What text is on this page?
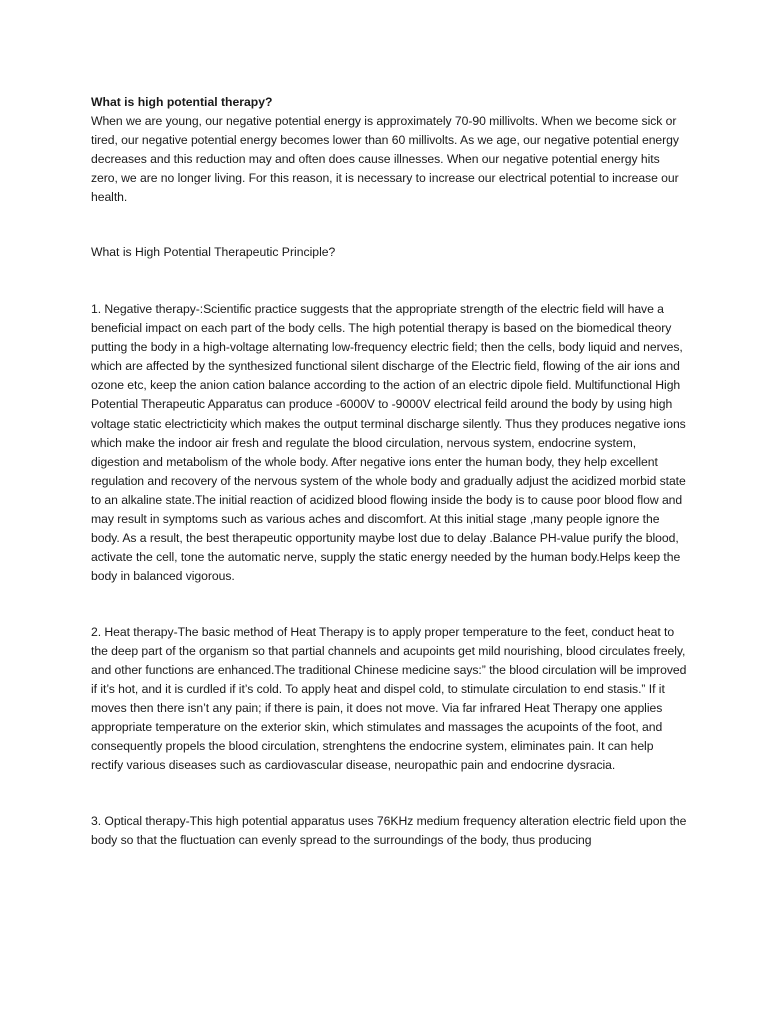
What is high potential therapy?

When we are young, our negative potential energy is approximately 70-90 millivolts. When we become sick or tired, our negative potential energy becomes lower than 60 millivolts. As we age, our negative potential energy decreases and this reduction may and often does cause illnesses. When our negative potential energy hits zero, we are no longer living. For this reason, it is necessary to increase our electrical potential to increase our health.

What is High Potential Therapeutic Principle?

1. Negative therapy-:Scientific practice suggests that the appropriate strength of the electric field will have a beneficial impact on each part of the body cells. The high potential therapy is based on the biomedical theory putting the body in a high-voltage alternating low-frequency electric field; then the cells, body liquid and nerves, which are affected by the synthesized functional silent discharge of the Electric field, flowing of the air ions and ozone etc, keep the anion cation balance according to the action of an electric dipole field. Multifunctional High Potential Therapeutic Apparatus can produce -6000V to -9000V electrical feild around the body by using high voltage static electricticity which makes the output terminal discharge silently. Thus they produces negative ions which make the indoor air fresh and regulate the blood circulation, nervous system, endocrine system, digestion and metabolism of the whole body. After negative ions enter the human body, they help excellent regulation and recovery of the nervous system of the whole body and gradually adjust the acidized morbid state to an alkaline state.The initial reaction of acidized blood flowing inside the body is to cause poor blood flow and may result in symptoms such as various aches and discomfort. At this initial stage ,many people ignore the body. As a result, the best therapeutic opportunity maybe lost due to delay .Balance PH-value purify the blood, activate the cell, tone the automatic nerve, supply the static energy needed by the human body.Helps keep the body in balanced vigorous.

2. Heat therapy-The basic method of Heat Therapy is to apply proper temperature to the feet, conduct heat to the deep part of the organism so that partial channels and acupoints get mild nourishing, blood circulates freely, and other functions are enhanced.The traditional Chinese medicine says:” the blood circulation will be improved if it’s hot, and it is curdled if it’s cold. To apply heat and dispel cold, to stimulate circulation to end stasis.” If it moves then there isn’t any pain; if there is pain, it does not move. Via far infrared Heat Therapy one applies appropriate temperature on the exterior skin, which stimulates and massages the acupoints of the foot, and consequently propels the blood circulation, strenghtens the endocrine system, eliminates pain. It can help rectify various diseases such as cardiovascular disease, neuropathic pain and endocrine dysracia.

3. Optical therapy-This high potential apparatus uses 76KHz medium frequency alteration electric field upon the body so that the fluctuation can evenly spread to the surroundings of the body, thus producing
